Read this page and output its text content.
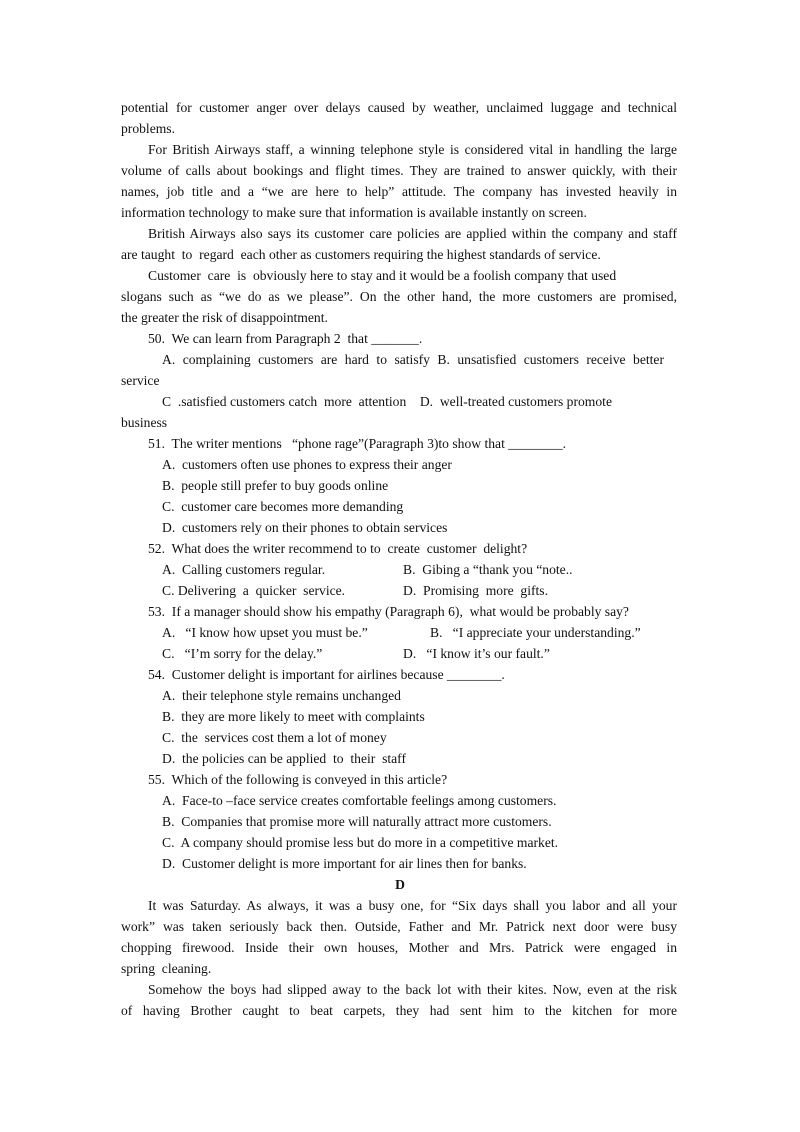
potential for customer anger over delays caused by weather, unclaimed luggage and technical
problems.
For British Airways staff, a winning telephone style is considered vital in handling the large
volume of calls about bookings and flight times. They are trained to answer quickly, with their
names, job title and a “we are here to help” attitude. The company has invested heavily in
information technology to make sure that information is available instantly on screen.
British Airways also says its customer care policies are applied within the company and staff
are taught  to  regard  each other as customers requiring the highest standards of service.
Customer  care  is  obviously here to stay and it would be a foolish company that used
slogans such as “we do as we please”. On the other hand, the more customers are promised,
the greater the risk of disappointment.
50.  We can learn from Paragraph 2  that _______.
A. complaining customers are hard to satisfy B. unsatisfied customers receive better
service
C  .satisfied customers catch  more  attention    D.  well-treated customers promote
business
51.  The writer mentions   “phone rage”(Paragraph 3)to show that ________.
A.  customers often use phones to express their anger
B.  people still prefer to buy goods online
C.  customer care becomes more demanding
D.  customers rely on their phones to obtain services
52.  What does the writer recommend to to  create  customer  delight?
A.  Calling customers regular.	B.  Gibing a “thank you “note..
C. Delivering  a  quicker  service.	D.  Promising  more  gifts.
53.  If a manager should show his empathy (Paragraph 6),  what would be probably say?
A.   “I know how upset you must be.”	B.   “I appreciate your understanding.”
C.   “I’m sorry for the delay.”	D.   “I know it’s our fault.”
54.  Customer delight is important for airlines because ________.
A.  their telephone style remains unchanged
B.  they are more likely to meet with complaints
C.  the  services cost them a lot of money
D.  the policies can be applied  to  their  staff
55.  Which of the following is conveyed in this article?
A.  Face-to –face service creates comfortable feelings among customers.
B.  Companies that promise more will naturally attract more customers.
C.  A company should promise less but do more in a competitive market.
D.  Customer delight is more important for air lines then for banks.
D
It was Saturday. As always, it was a busy one, for “Six days shall you labor and all your
work” was taken seriously back then. Outside, Father and Mr. Patrick next door were busy
chopping firewood. Inside their own houses, Mother and Mrs. Patrick were engaged in
spring  cleaning.
Somehow the boys had slipped away to the back lot with their kites. Now, even at the risk
of having Brother caught to beat carpets, they had sent him to the kitchen for more
